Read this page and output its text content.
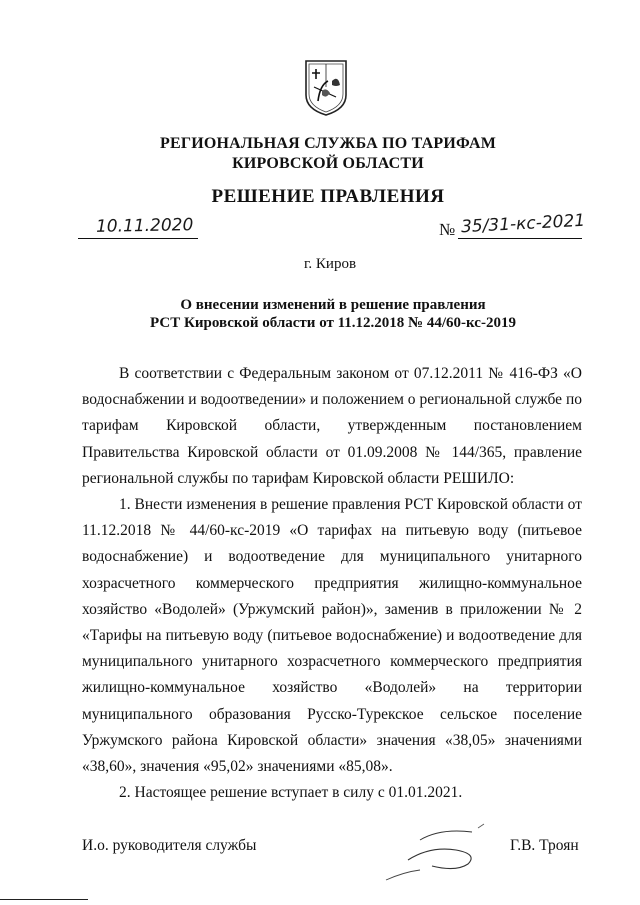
РЕГИОНАЛЬНАЯ СЛУЖБА ПО ТАРИФАМ
КИРОВСКОЙ ОБЛАСТИ
РЕШЕНИЕ ПРАВЛЕНИЯ
10.11.2020	№ 35/31-кс-2021
г. Киров
О внесении изменений в решение правления
РСТ Кировской области от 11.12.2018 № 44/60-кс-2019

В соответствии с Федеральным законом от 07.12.2011 № 416-ФЗ «О водоснабжении и водоотведении» и положением о региональной службе по тарифам Кировской области, утвержденным постановлением Правительства Кировской области от 01.09.2008 № 144/365, правление региональной службы по тарифам Кировской области РЕШИЛО:

1. Внести изменения в решение правления РСТ Кировской области от 11.12.2018 № 44/60-кс-2019 «О тарифах на питьевую воду (питьевое водоснабжение) и водоотведение для муниципального унитарного хозрасчетного коммерческого предприятия жилищно-коммунальное хозяйство «Водолей» (Уржумский район)», заменив в приложении № 2 «Тарифы на питьевую воду (питьевое водоснабжение) и водоотведение для муниципального унитарного хозрасчетного коммерческого предприятия жилищно-коммунальное хозяйство «Водолей» на территории муниципального образования Русско-Турекское сельское поселение Уржумского района Кировской области» значения «38,05» значениями «38,60», значения «95,02» значениями «85,08».

2. Настоящее решение вступает в силу с 01.01.2021.

И.о. руководителя службы	Г.В. Троян
